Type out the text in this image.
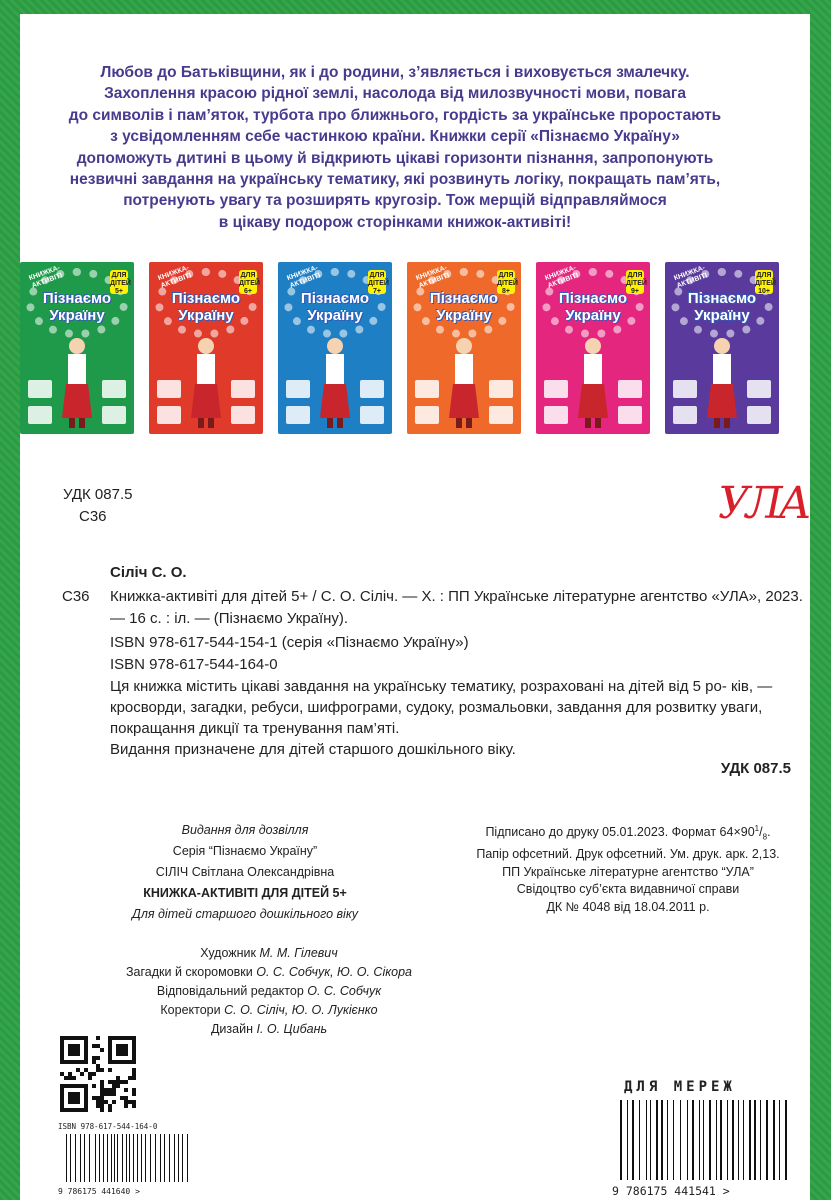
Любов до Батьківщини, як і до родини, з’являється і виховується змалечку.
Захоплення красою рідної землі, насолода від милозвучності мови, повага
до символів і пам’яток, турбота про ближнього, гордість за українське проростають
з усвідомленням себе частинкою країни. Книжки серії «Пізнаємо Україну»
допоможуть дитині в цьому й відкриють цікаві горизонти пізнання, запропонують
незвичні завдання на українську тематику, які розвинуть логіку, покращать пам’ять,
потренують увагу та розширять кругозір. Тож мерщій відправляймося
в цікаву подорож сторінками книжок-активіті!
КНИЖКА-АКТИВІТІ	ДЛЯ ДІТЕЙ 5+
Пізнаємо
Україну
КНИЖКА-АКТИВІТІ	ДЛЯ ДІТЕЙ 6+
Пізнаємо
Україну
КНИЖКА-АКТИВІТІ	ДЛЯ ДІТЕЙ 7+
Пізнаємо
Україну
КНИЖКА-АКТИВІТІ	ДЛЯ ДІТЕЙ 8+
Пізнаємо
Україну
КНИЖКА-АКТИВІТІ	ДЛЯ ДІТЕЙ 9+
Пізнаємо
Україну
КНИЖКА-АКТИВІТІ	ДЛЯ ДІТЕЙ 10+
Пізнаємо
Україну
УДК 087.5
С36	УЛА
Сіліч С. О.
С36 Книжка-активіті для дітей 5+ / С. О. Сіліч. — Х. : ПП Українське літературне агентство «УЛА», 2023. — 16 с. : іл. — (Пізнаємо Україну).
ISBN 978-617-544-154-1 (серія «Пізнаємо Україну»)
ISBN 978-617-544-164-0

Ця книжка містить цікаві завдання на українську тематику, розраховані на дітей від 5 ро- ків, — кросворди, загадки, ребуси, шифрограми, судоку, розмальовки, завдання для розвитку уваги, покращання дикції та тренування пам’яті.

Видання призначене для дітей старшого дошкільного віку.

УДК 087.5
Видання для дозвілля
Серія “Пізнаємо Україну”
СІЛІЧ Світлана Олександрівна
КНИЖКА-АКТИВІТІ ДЛЯ ДІТЕЙ 5+
Для дітей старшого дошкільного віку
Підписано до друку 05.01.2023. Формат $64\times 90^1/_8$.
Папір офсетний. Друк офсетний. Ум. друк. арк. 2,13.
ПП Українське літературне агентство “УЛА”
Свідоцтво суб’єкта видавничої справи
ДК № 4048 від 18.04.2011 р.
Художник М. М. Гілевич
Загадки й скоромовки О. С. Собчук, Ю. О. Сікора
Відповідальний редактор О. С. Собчук
Коректори С. О. Сіліч, Ю. О. Лукієнко
Дизайн І. О. Цибань
ISBN 978-617-544-164-0
9 786175 441640 >
ДЛЯ МЕРЕЖ
9 786175 441541 >
